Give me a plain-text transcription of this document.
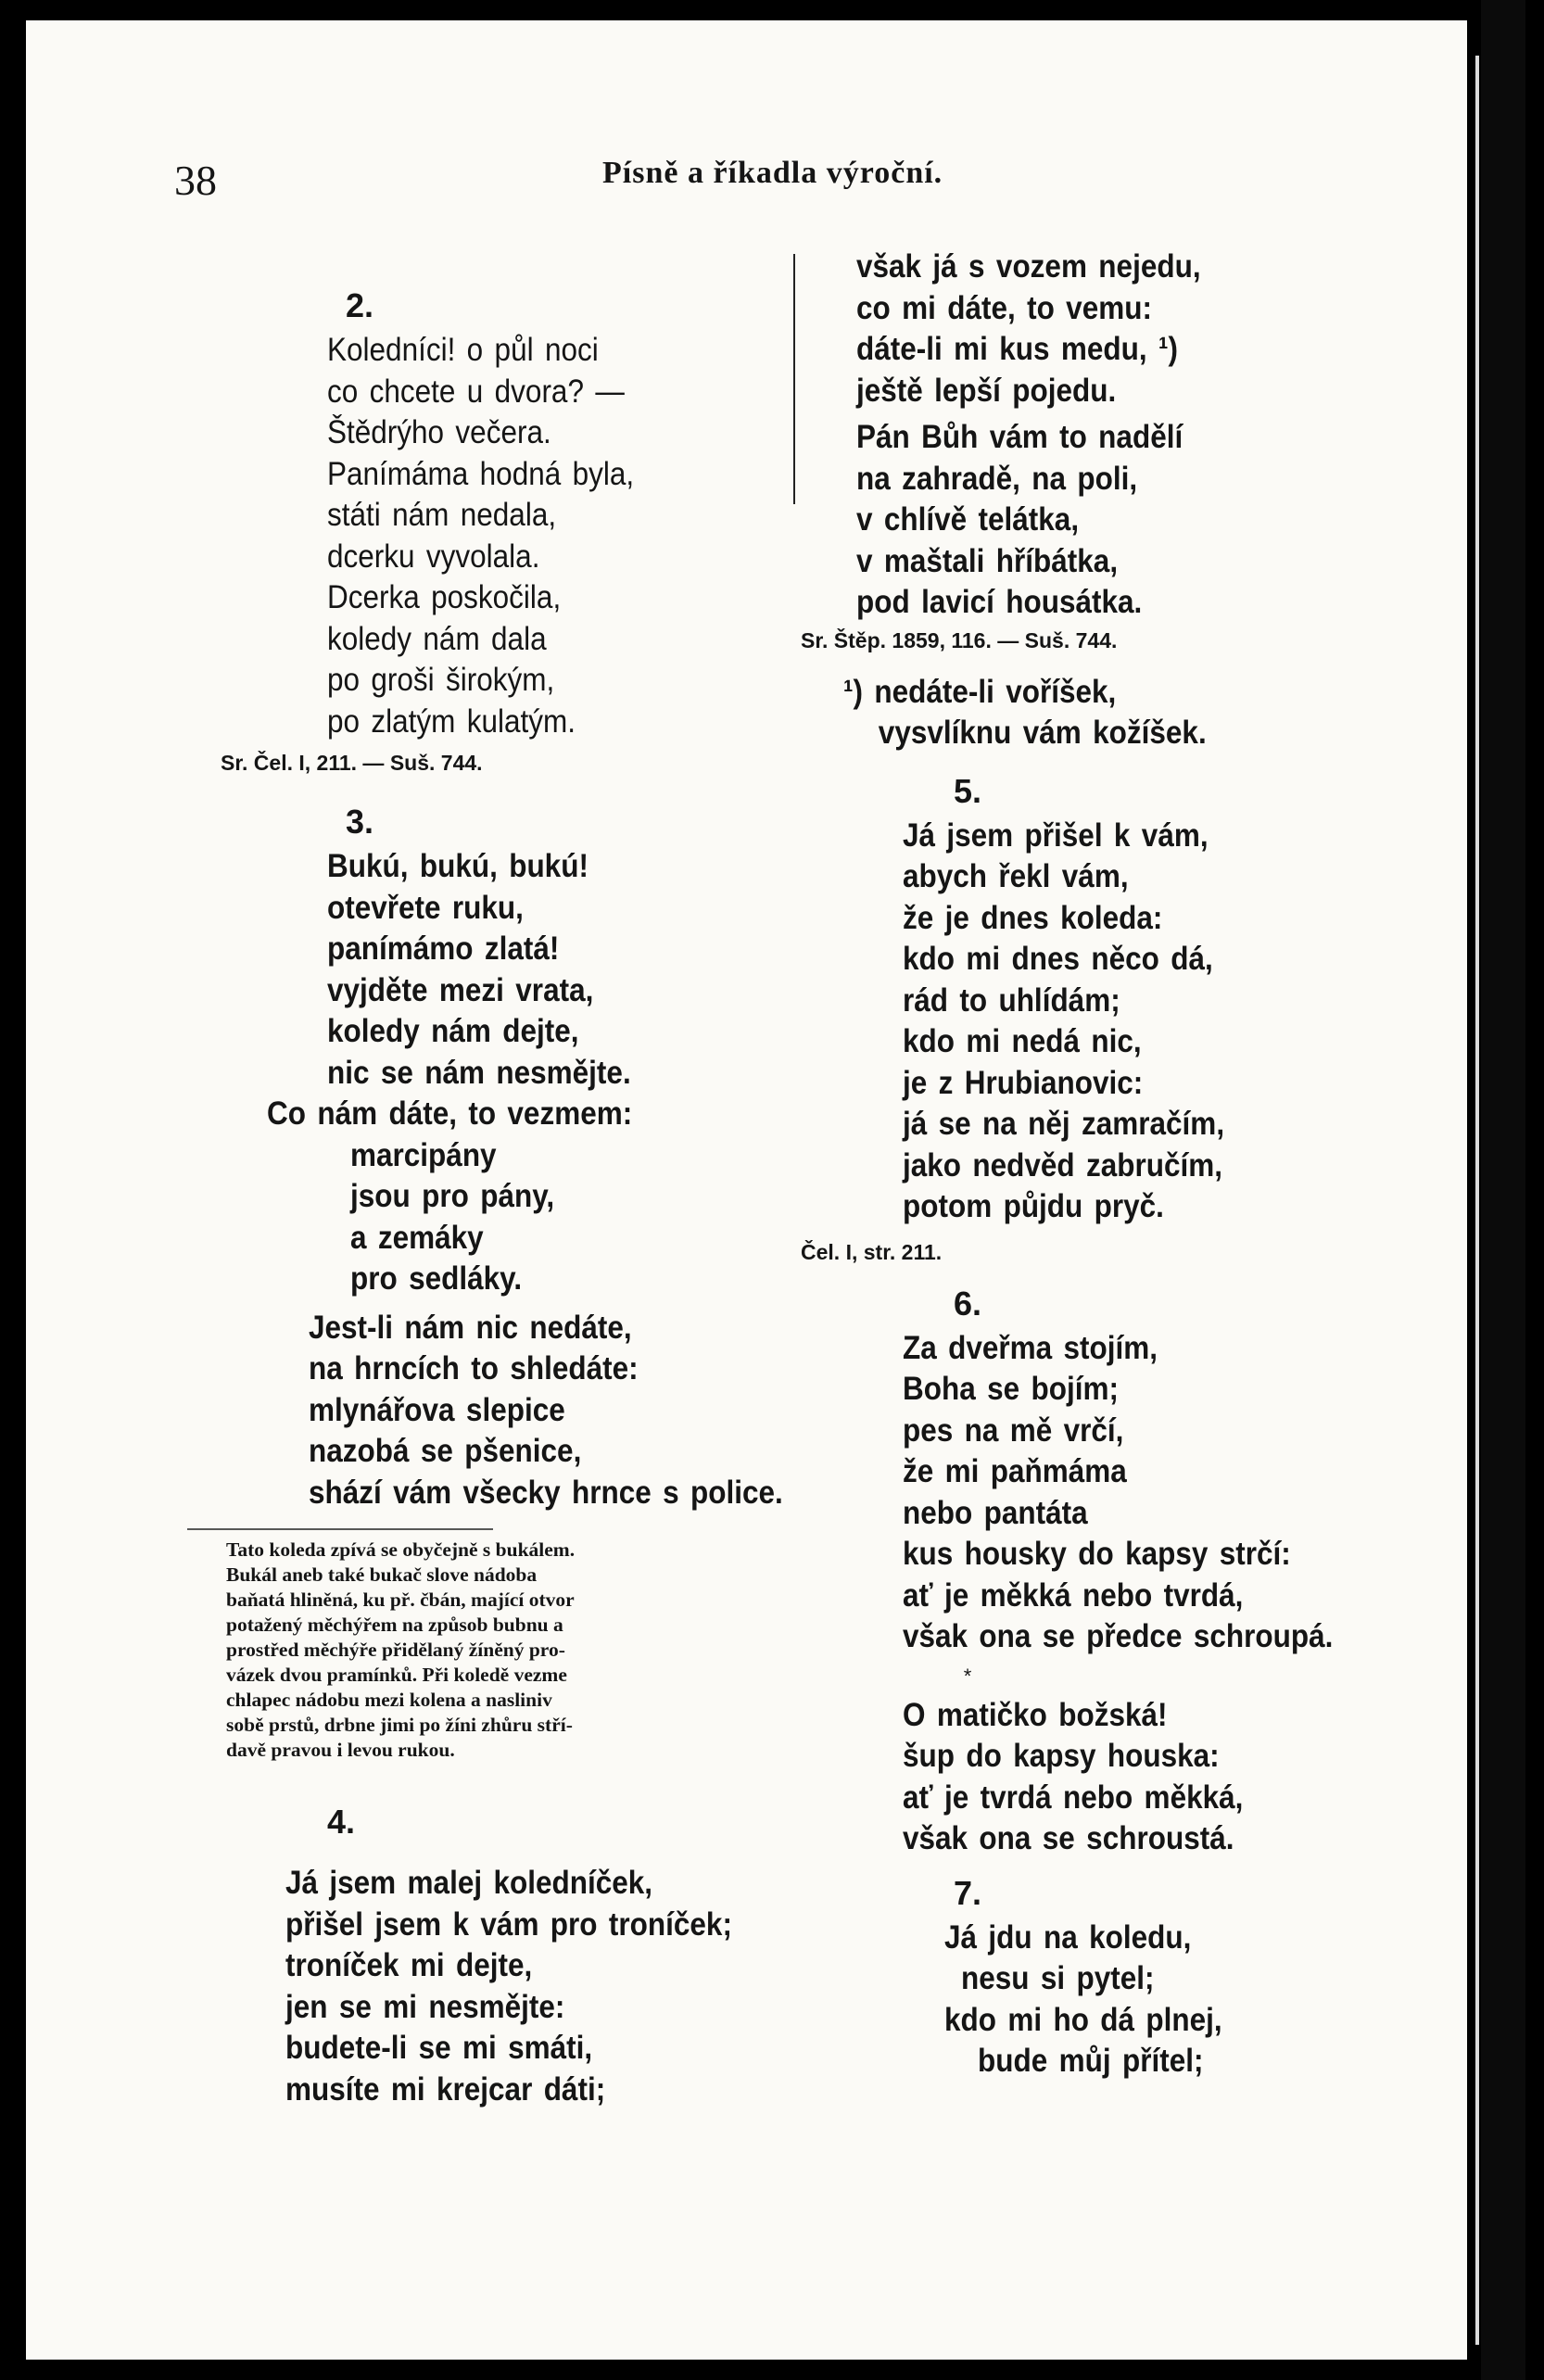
38	Písně a říkadla výroční.
2.
Koledníci! o půl noci
co chcete u dvora? —
Štědrýho večera.
Panímáma hodná byla,
státi nám nedala,
dcerku vyvolala.
Dcerka poskočila,
koledy nám dala
po groši širokým,
po zlatým kulatým.
Sr. Čel. I, 211. — Suš. 744.
3.
Bukú, bukú, bukú!
otevřete ruku,
panímámo zlatá!
vyjděte mezi vrata,
koledy nám dejte,
nic se nám nesmějte.
Co nám dáte, to vezmem:
marcipány
jsou pro pány,
a zemáky
pro sedláky.
Jest-li nám nic nedáte,
na hrncích to shledáte:
mlynářova slepice
nazobá se pšenice,
shází vám všecky hrnce s police.
Tato koleda zpívá se obyčejně s bukálem.
Bukál aneb také bukač slove nádoba
baňatá hliněná, ku př. čbán, mající otvor
potažený měchýřem na způsob bubnu a
prostřed měchýře přidělaný žíněný pro-
vázek dvou pramínků. Při koledě vezme
chlapec nádobu mezi kolena a nasliniv
sobě prstů, drbne jimi po žíni zhůru stří-
davě pravou i levou rukou.
4.
Já jsem malej koledníček,
přišel jsem k vám pro troníček;
troníček mi dejte,
jen se mi nesmějte:
budete-li se mi smáti,
musíte mi krejcar dáti;
však já s vozem nejedu,
co mi dáte, to vemu:
dáte-li mi kus medu, ¹)
ještě lepší pojedu.
Pán Bůh vám to nadělí
na zahradě, na poli,
v chlívě telátka,
v maštali hříbátka,
pod lavicí housátka.
Sr. Štěp. 1859, 116. — Suš. 744.
¹) nedáte-li voříšek,
vysvlíknu vám kožíšek.
5.
Já jsem přišel k vám,
abych řekl vám,
že je dnes koleda:
kdo mi dnes něco dá,
rád to uhlídám;
kdo mi nedá nic,
je z Hrubianovic:
já se na něj zamračím,
jako nedvěd zabručím,
potom půjdu pryč.
Čel. I, str. 211.
6.
Za dveřma stojím,
Boha se bojím;
pes na mě vrčí,
že mi paňmáma
nebo pantáta
kus housky do kapsy strčí:
ať je měkká nebo tvrdá,
však ona se předce schroupá.
*
O matičko božská!
šup do kapsy houska:
ať je tvrdá nebo měkká,
však ona se schroustá.
7.
Já jdu na koledu,
nesu si pytel;
kdo mi ho dá plnej,
bude můj přítel;
